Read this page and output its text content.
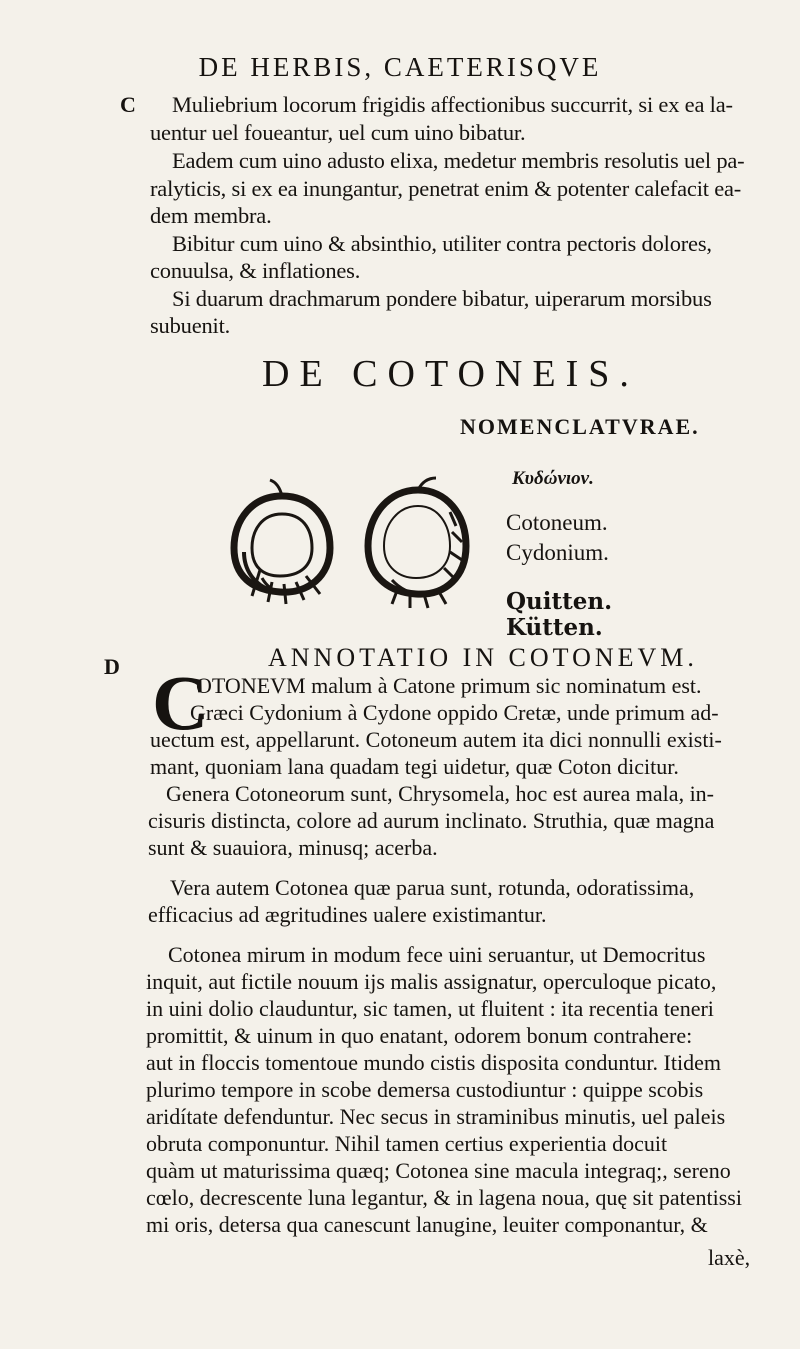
DE HERBIS, CAETERISQVE
C Muliebrium locorum frigidis affectionibus succurrit, si ex ea la-
uentur uel foueantur, uel cum uino bibatur.
Eadem cum uino adusto elixa, medetur membris resolutis uel pa-
ralyticis, si ex ea inungantur, penetrat enim & potenter calefacit ea-
dem membra.
Bibitur cum uino & absinthio, utiliter contra pectoris dolores,
conuulsa, & inflationes.
Si duarum drachmarum pondere bibatur, uiperarum morsibus
subuenit.
DE COTONEIS.
NOMENCLATVRAE.
Κυδώνιον.
Cotoneum.
Cydonium.
Quitten.
Kütten.
D	ANNOTATIO IN COTONEVM.
C
OTONEVM malum à Catone primum sic nominatum est.
Græci Cydonium à Cydone oppido Cretæ, unde primum ad-
uectum est, appellarunt. Cotoneum autem ita dici nonnulli existi-
mant, quoniam lana quadam tegi uidetur, quæ Coton dicitur.
Genera Cotoneorum sunt, Chrysomela, hoc est aurea mala, in-
cisuris distincta, colore ad aurum inclinato. Struthia, quæ magna
sunt & suauiora, minusq; acerba.
Vera autem Cotonea quæ parua sunt, rotunda, odoratissima,
efficacius ad ægritudines ualere existimantur.
Cotonea mirum in modum fece uini seruantur, ut Democritus
inquit, aut fictile nouum ijs malis assignatur, operculoque picato,
in uini dolio clauduntur, sic tamen, ut fluitent : ita recentia teneri
promittit, & uinum in quo enatant, odorem bonum contrahere:
aut in floccis tomentoue mundo cistis disposita conduntur. Itidem
plurimo tempore in scobe demersa custodiuntur : quippe scobis
aridítate defenduntur. Nec secus in straminibus minutis, uel paleis
obruta componuntur. Nihil tamen certius experientia docuit
quàm ut maturissima quæq; Cotonea sine macula integraq;, sereno
cœlo, decrescente luna legantur, & in lagena noua, quę sit patentissi
mi oris, detersa qua canescunt lanugine, leuiter componantur, &
laxè,
